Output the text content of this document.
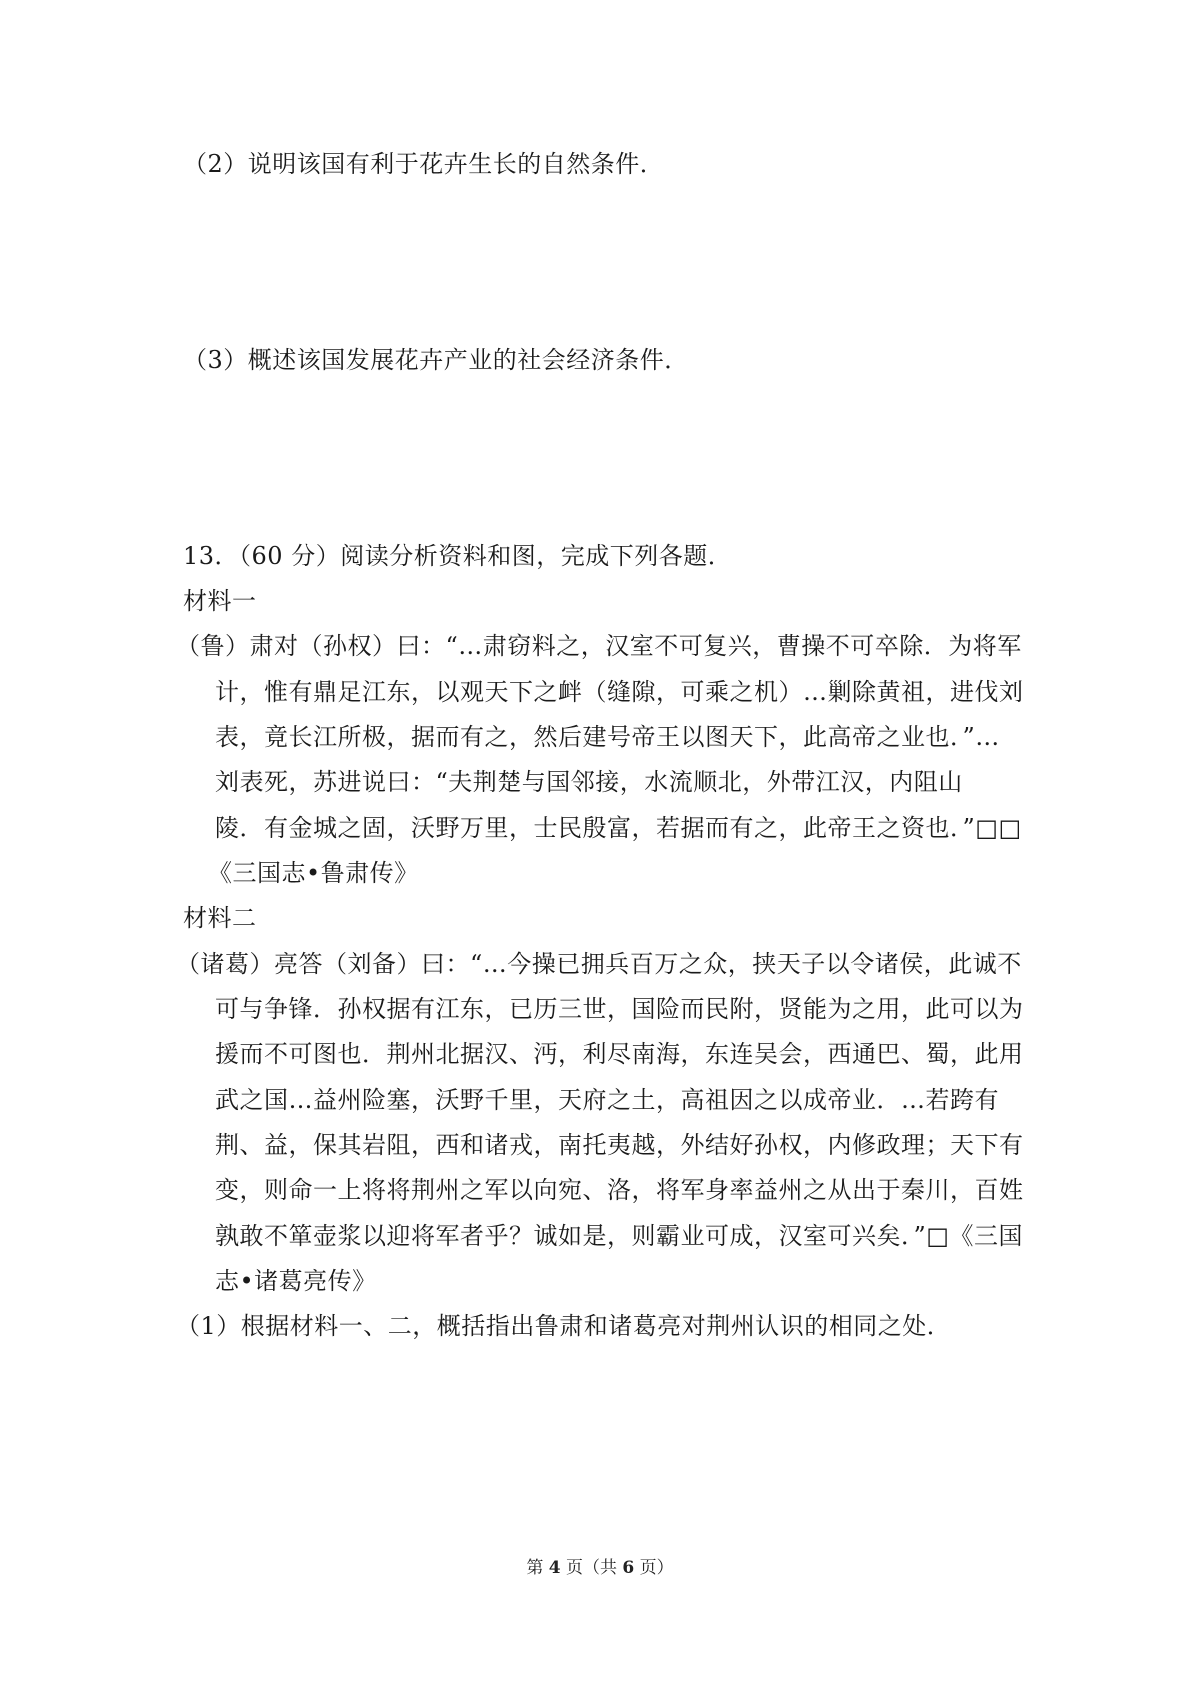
（2）说明该国有利于花卉生长的自然条件．
（3）概述该国发展花卉产业的社会经济条件．
13．（60 分）阅读分析资料和图，完成下列各题．
材料一
（鲁）肃对（孙权）曰：“…肃窃料之，汉室不可复兴，曹操不可卒除．为将军
计，惟有鼎足江东，以观天下之衅（缝隙，可乘之机）…剿除黄祖，进伐刘
表，竟长江所极，据而有之，然后建号帝王以图天下，此高帝之业也．”…
刘表死，苏进说曰：“夫荆楚与国邻接，水流顺北，外带江汉，内阻山
陵．有金城之固，沃野万里，士民殷富，若据而有之，此帝王之资也．”□□
《三国志•鲁肃传》
材料二
（诸葛）亮答（刘备）曰：“…今操已拥兵百万之众，挟天子以令诸侯，此诚不
可与争锋．孙权据有江东，已历三世，国险而民附，贤能为之用，此可以为
援而不可图也．荆州北据汉、沔，利尽南海，东连吴会，西通巴、蜀，此用
武之国…益州险塞，沃野千里，天府之土，高祖因之以成帝业．…若跨有
荆、益，保其岩阻，西和诸戎，南托夷越，外结好孙权，内修政理；天下有
变，则命一上将将荆州之军以向宛、洛，将军身率益州之从出于秦川，百姓
孰敢不箪壶浆以迎将军者乎？诚如是，则霸业可成，汉室可兴矣．”□《三国
志•诸葛亮传》
（1）根据材料一、二，概括指出鲁肃和诸葛亮对荆州认识的相同之处．
第 4 页（共 6 页）
